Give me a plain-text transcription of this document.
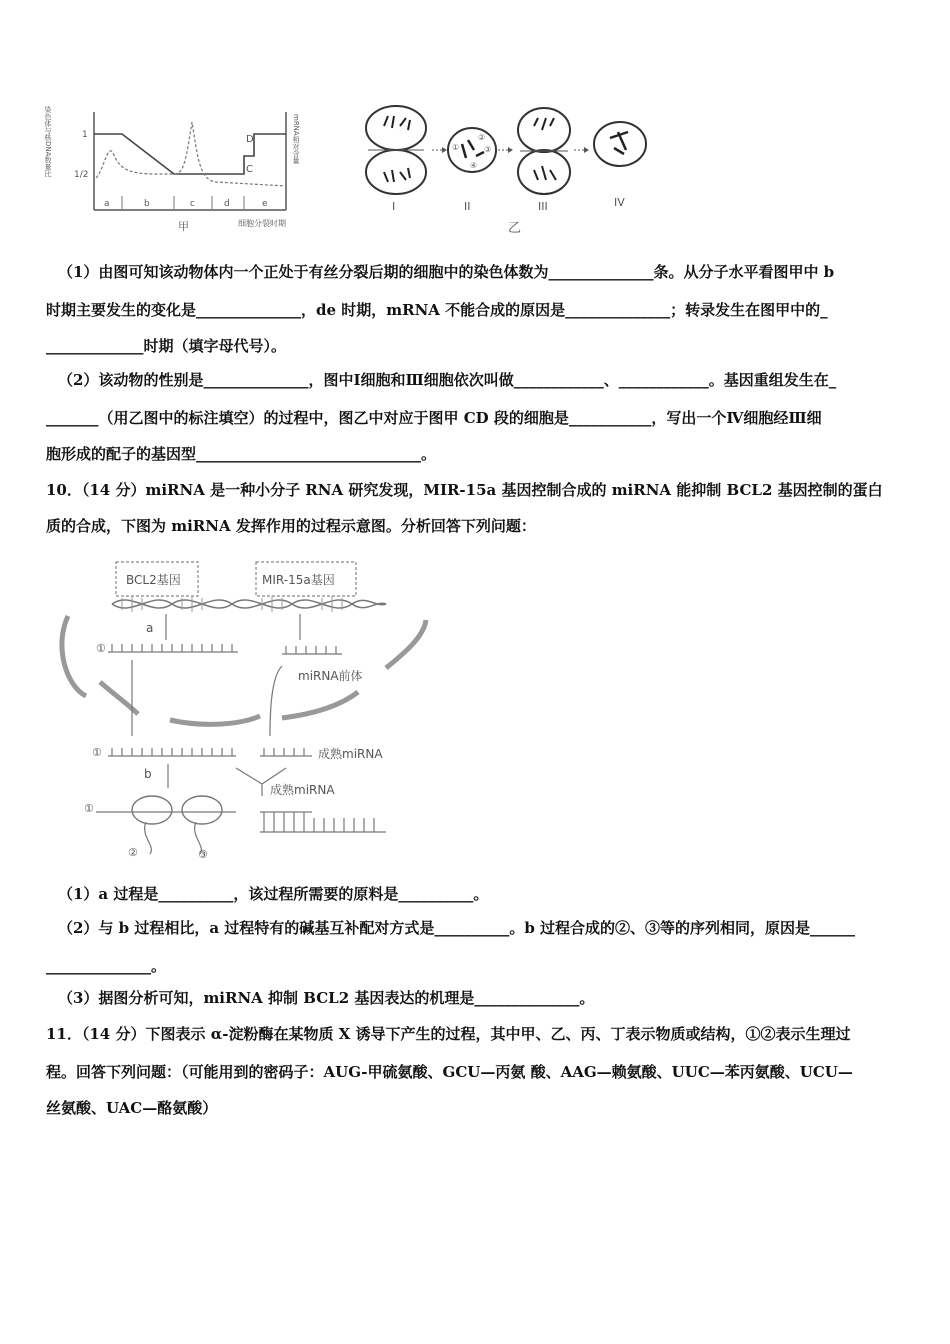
染色体与核DNA数量比	1
1/2
mRNA相对含量
C
D
a	b	c	d	e
甲	细胞分裂时期
I
①
②
③
④
II	III	IV
乙
（1）由图可知该动物体内一个正处于有丝分裂后期的细胞中的染色体数为______________条。从分子水平看图甲中 b
时期主要发生的变化是______________，de 时期，mRNA 不能合成的原因是______________；转录发生在图甲中的_
_____________时期（填字母代号）。
（2）该动物的性别是______________，图中Ⅰ细胞和Ⅲ细胞依次叫做____________、____________。基因重组发生在_
_______（用乙图中的标注填空）的过程中，图乙中对应于图甲 CD 段的细胞是___________，写出一个Ⅳ细胞经Ⅲ细
胞形成的配子的基因型______________________________。
10．（14 分）miRNA 是一种小分子 RNA 研究发现，MIR-15a 基因控制合成的 miRNA 能抑制 BCL2 基因控制的蛋白
质的合成，下图为 miRNA 发挥作用的过程示意图。分析回答下列问题：
BCL2基因	MIR-15a基因
a
①
miRNA前体
①	成熟miRNA
b
成熟miRNA
①
②	③
（1）a 过程是__________，该过程所需要的原料是__________。
（2）与 b 过程相比，a 过程特有的碱基互补配对方式是__________。b 过程合成的②、③等的序列相同，原因是______
______________。
（3）据图分析可知，miRNA 抑制 BCL2 基因表达的机理是______________。
11．（14 分）下图表示 α-淀粉酶在某物质 X 诱导下产生的过程，其中甲、乙、丙、丁表示物质或结构，①②表示生理过
程。回答下列问题：（可能用到的密码子：AUG-甲硫氨酸、GCU—丙氨 酸、AAG—赖氨酸、UUC—苯丙氨酸、UCU—
丝氨酸、UAC—酪氨酸）
